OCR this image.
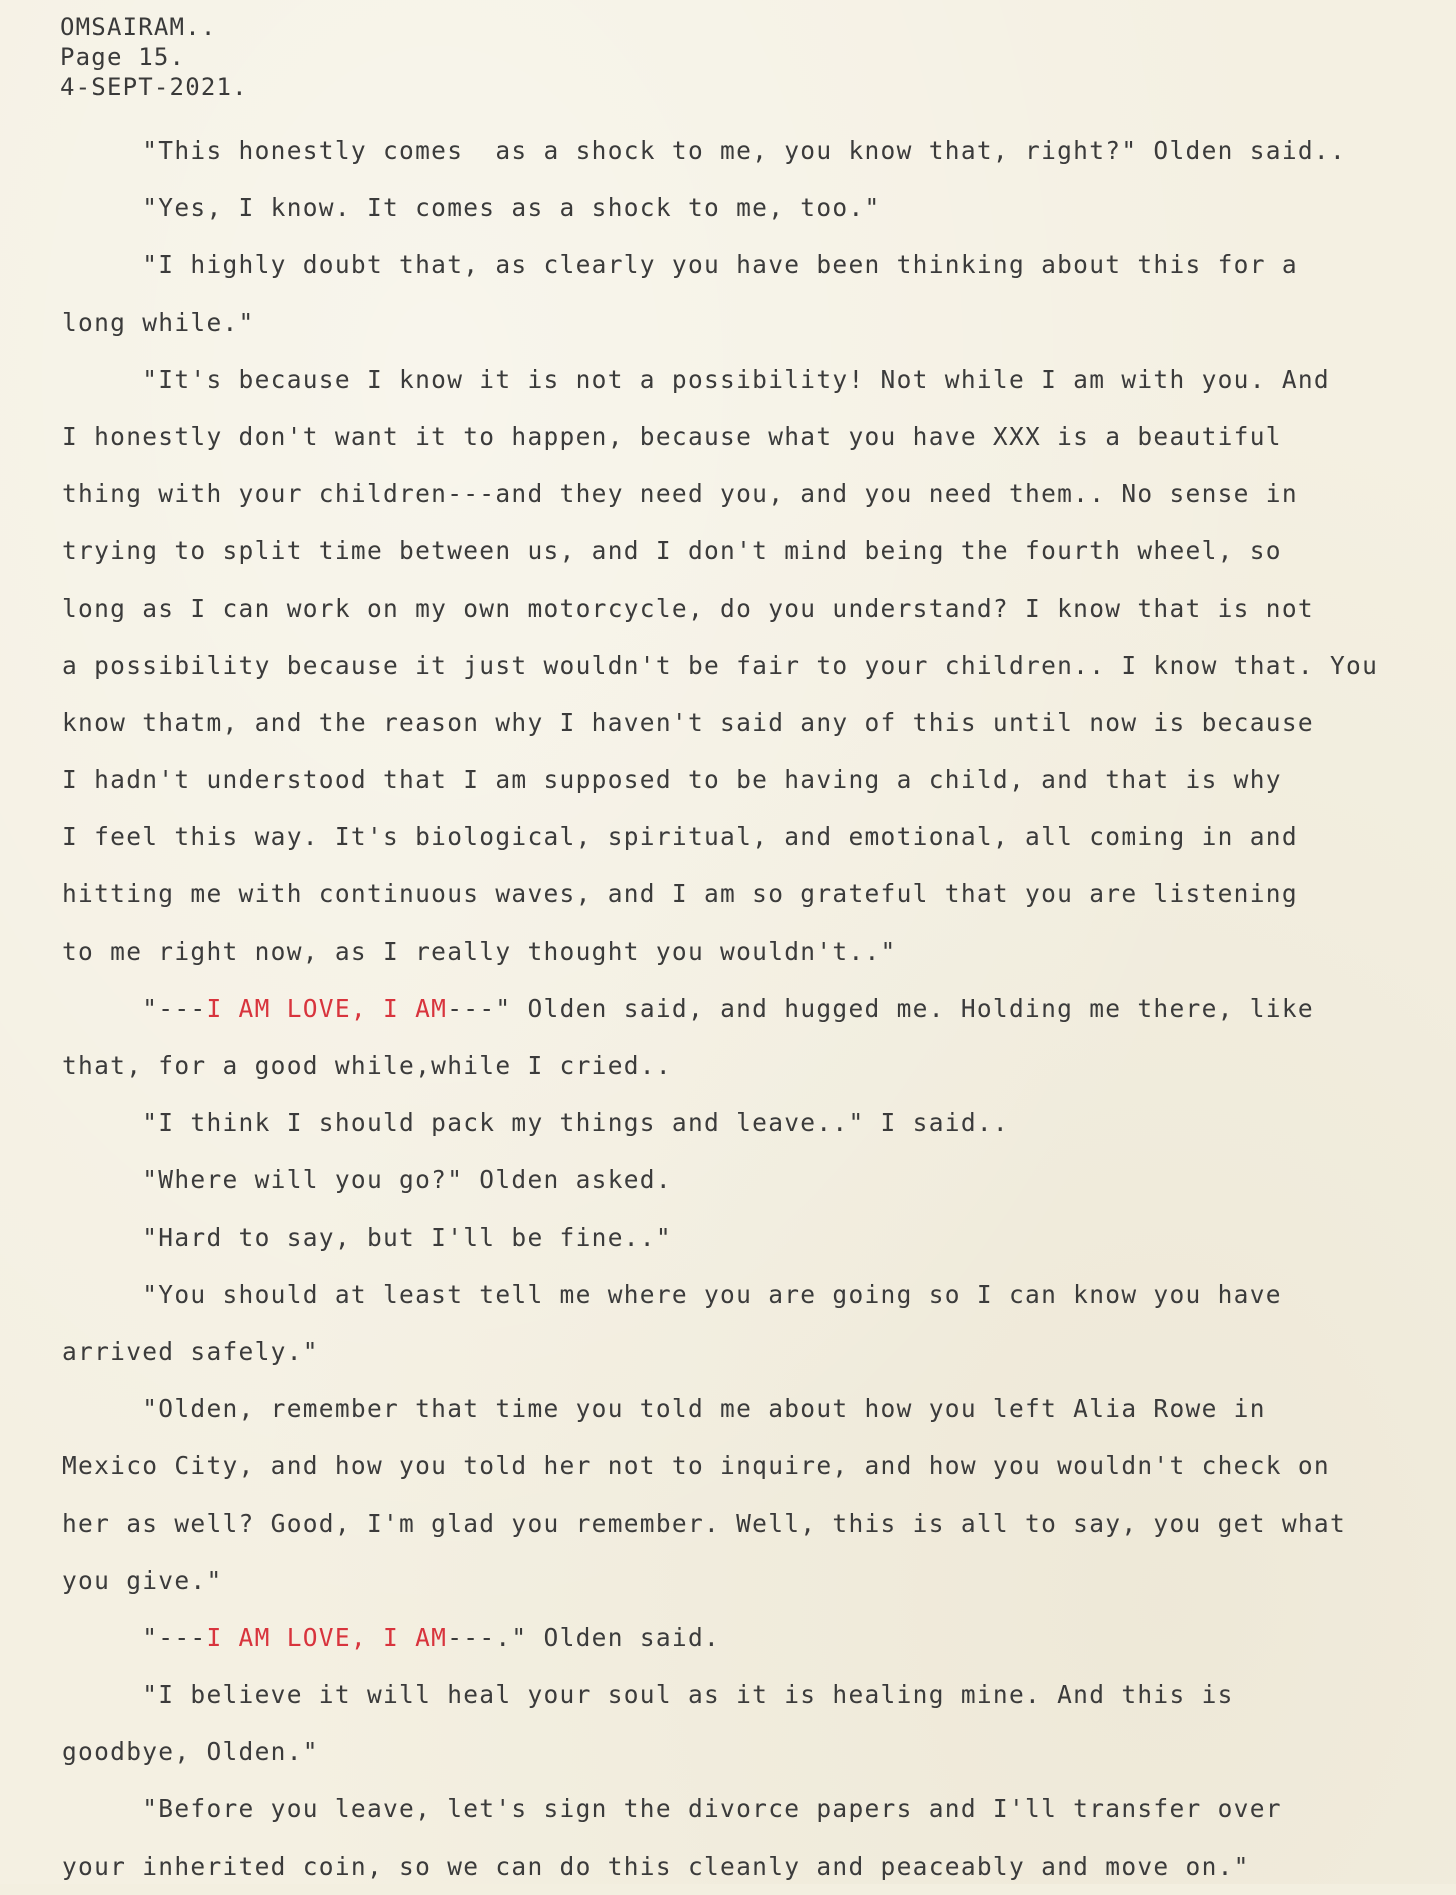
OMSAIRAM..

Page 15.

4-SEPT-2021.

"This honestly comes  as a shock to me, you know that, right?" Olden said..

"Yes, I know. It comes as a shock to me, too."

"I highly doubt that, as clearly you have been thinking about this for a

long while."

"It's because I know it is not a possibility! Not while I am with you. And

I honestly don't want it to happen, because what you have XXX is a beautiful

thing with your children---and they need you, and you need them.. No sense in

trying to split time between us, and I don't mind being the fourth wheel, so

long as I can work on my own motorcycle, do you understand? I know that is not

a possibility because it just wouldn't be fair to your children.. I know that. You

know thatm, and the reason why I haven't said any of this until now is because

I hadn't understood that I am supposed to be having a child, and that is why

I feel this way. It's biological, spiritual, and emotional, all coming in and

hitting me with continuous waves, and I am so grateful that you are listening

to me right now, as I really thought you wouldn't.."

"---I AM LOVE, I AM---" Olden said, and hugged me. Holding me there, like

that, for a good while,while I cried..

"I think I should pack my things and leave.." I said..

"Where will you go?" Olden asked.

"Hard to say, but I'll be fine.."

"You should at least tell me where you are going so I can know you have

arrived safely."

"Olden, remember that time you told me about how you left Alia Rowe in

Mexico City, and how you told her not to inquire, and how you wouldn't check on

her as well? Good, I'm glad you remember. Well, this is all to say, you get what

you give."

"---I AM LOVE, I AM---." Olden said.

"I believe it will heal your soul as it is healing mine. And this is

goodbye, Olden."

"Before you leave, let's sign the divorce papers and I'll transfer over

your inherited coin, so we can do this cleanly and peaceably and move on."
